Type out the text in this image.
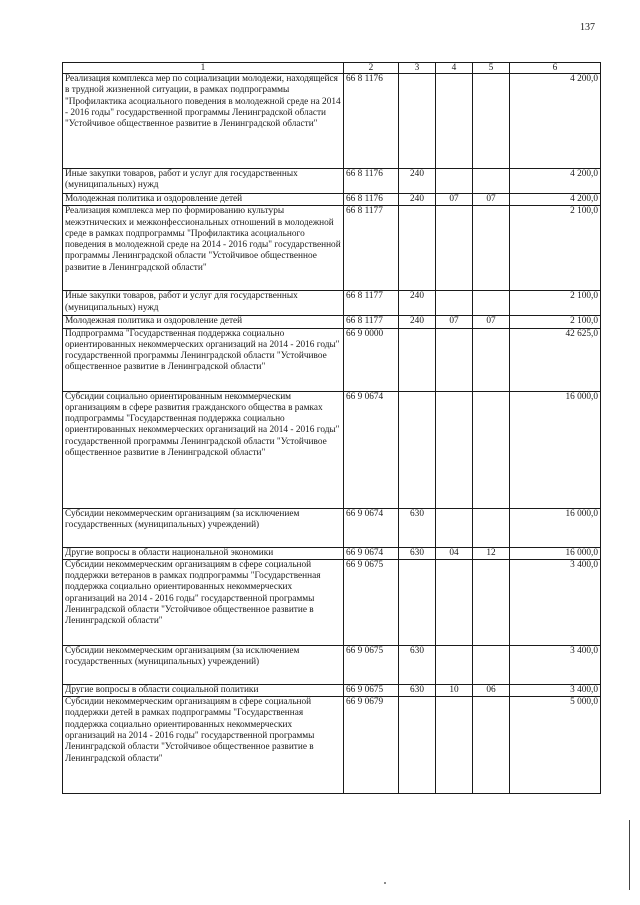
137
1	2	3	4	5	6
Реализация комплекса мер по социализации молодежи, находящейся в трудной жизненной ситуации, в рамках подпрограммы "Профилактика асоциального поведения в молодежной среде на 2014 - 2016 годы" государственной программы Ленинградской области "Устойчивое общественное развитие в Ленинградской области"	66 8 1176				4 200,0
Иные закупки товаров, работ и услуг для государственных (муниципальных) нужд	66 8 1176	240			4 200,0
Молодежная политика и оздоровление детей	66 8 1176	240	07	07	4 200,0
Реализация комплекса мер по формированию культуры межэтнических и межконфессиональных отношений в молодежной среде в рамках подпрограммы "Профилактика асоциального поведения в молодежной среде на 2014 - 2016 годы" государственной программы Ленинградской области "Устойчивое общественное развитие в Ленинградской области"	66 8 1177				2 100,0
Иные закупки товаров, работ и услуг для государственных (муниципальных) нужд	66 8 1177	240			2 100,0
Молодежная политика и оздоровление детей	66 8 1177	240	07	07	2 100,0
Подпрограмма "Государственная поддержка социально ориентированных некоммерческих организаций на 2014 - 2016 годы" государственной программы Ленинградской области "Устойчивое общественное развитие в Ленинградской области"	66 9 0000				42 625,0
Субсидии социально ориентированным некоммерческим организациям в сфере развития гражданского общества в рамках подпрограммы "Государственная поддержка социально ориентированных некоммерческих организаций на 2014 - 2016 годы" государственной программы Ленинградской области "Устойчивое общественное развитие в Ленинградской области"	66 9 0674				16 000,0
Субсидии некоммерческим организациям (за исключением государственных (муниципальных) учреждений)	66 9 0674	630			16 000,0
Другие вопросы в области национальной экономики	66 9 0674	630	04	12	16 000,0
Субсидии некоммерческим организациям в сфере социальной поддержки ветеранов в рамках подпрограммы "Государственная поддержка социально ориентированных некоммерческих организаций на 2014 - 2016 годы" государственной программы Ленинградской области "Устойчивое общественное развитие в Ленинградской области"	66 9 0675				3 400,0
Субсидии некоммерческим организациям (за исключением государственных (муниципальных) учреждений)	66 9 0675	630			3 400,0
Другие вопросы в области социальной политики	66 9 0675	630	10	06	3 400,0
Субсидии некоммерческим организациям в сфере социальной поддержки детей в рамках подпрограммы "Государственная поддержка социально ориентированных некоммерческих организаций на 2014 - 2016 годы" государственной программы Ленинградской области "Устойчивое общественное развитие в Ленинградской области"	66 9 0679				5 000,0
